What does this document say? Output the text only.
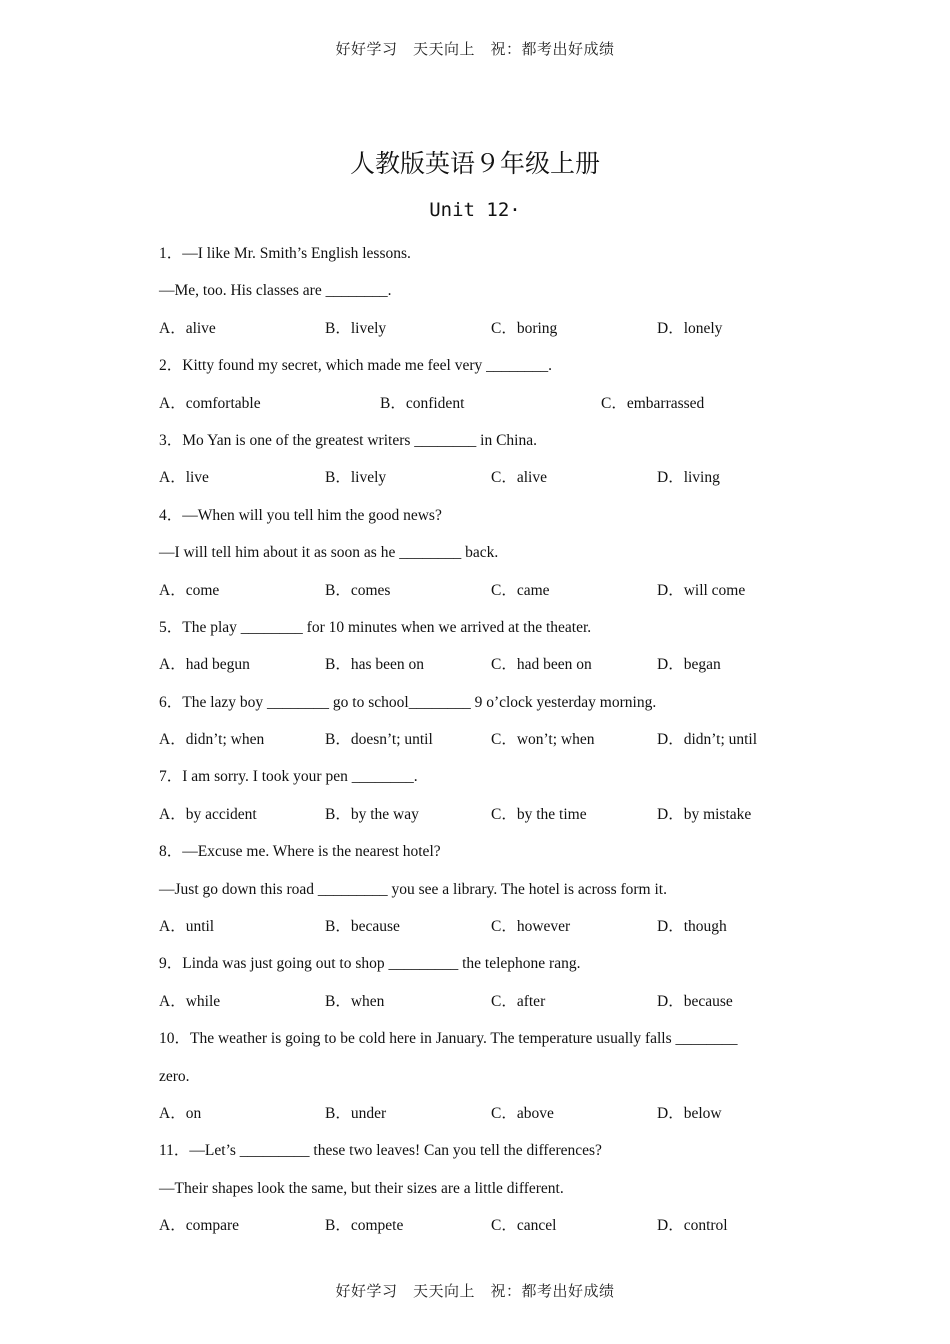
好好学习　天天向上　祝：都考出好成绩
人教版英语９年级上册
Unit 12·
1．—I like Mr. Smith’s English lessons.
—Me, too. His classes are ________.
A．alive	B．lively	C．boring	D．lonely
2．Kitty found my secret, which made me feel very ________.
A．comfortable	B．confident	C．embarrassed
3．Mo Yan is one of the greatest writers ________ in China.
A．live	B．lively	C．alive	D．living
4．—When will you tell him the good news?
—I will tell him about it as soon as he ________ back.
A．come	B．comes	C．came	D．will come
5．The play ________ for 10 minutes when we arrived at the theater.
A．had begun	B．has been on	C．had been on	D．began
6．The lazy boy ________ go to school________ 9 o’clock yesterday morning.
A．didn’t; when	B．doesn’t; until	C．won’t; when	D．didn’t; until
7．I am sorry. I took your pen ________.
A．by accident	B．by the way	C．by the time	D．by mistake
8．—Excuse me. Where is the nearest hotel?
—Just go down this road _________ you see a library. The hotel is across form it.
A．until	B．because	C．however	D．though
9．Linda was just going out to shop _________ the telephone rang.
A．while	B．when	C．after	D．because
10．The weather is going to be cold here in January. The temperature usually falls ________
zero.
A．on	B．under	C．above	D．below
11．—Let’s _________ these two leaves! Can you tell the differences?
—Their shapes look the same, but their sizes are a little different.
A．compare	B．compete	C．cancel	D．control
好好学习　天天向上　祝：都考出好成绩
